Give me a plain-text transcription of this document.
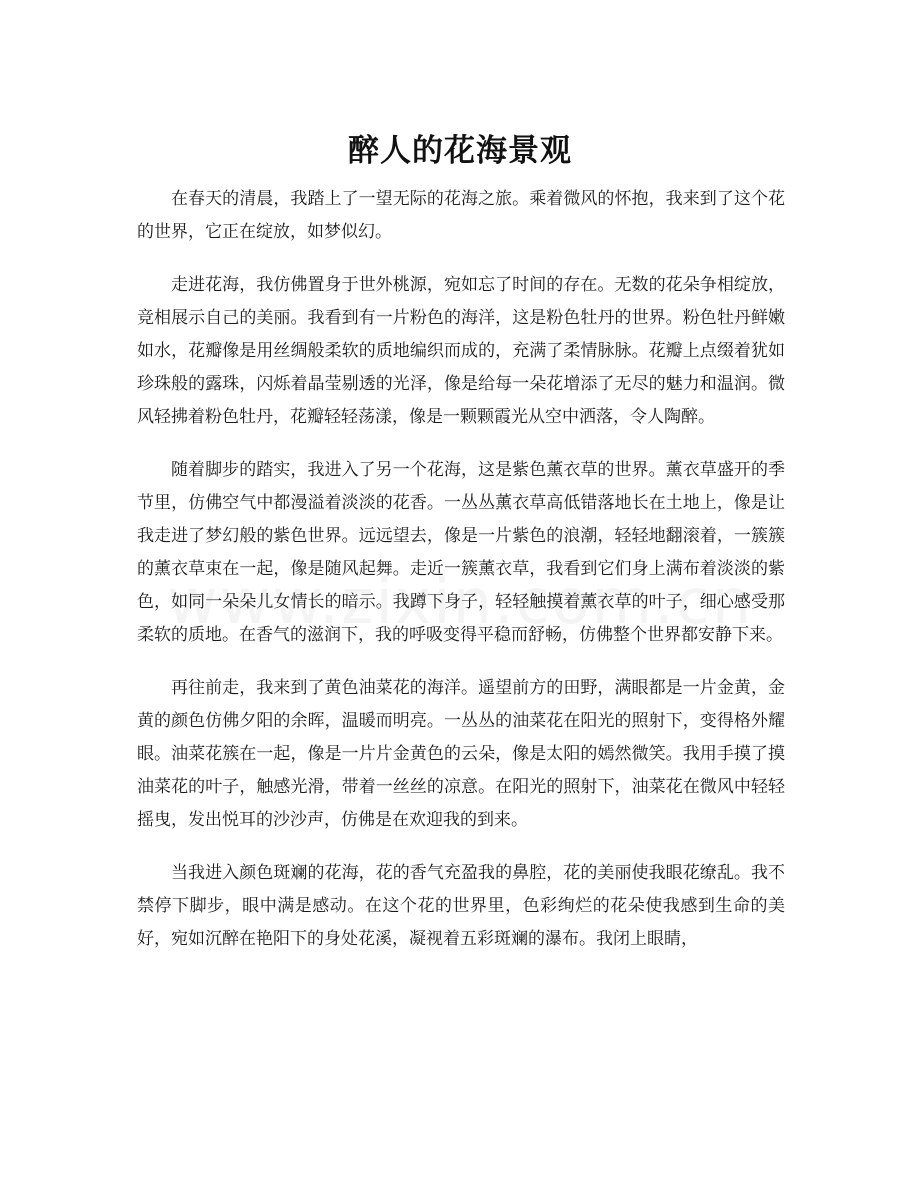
醉人的花海景观

在春天的清晨，我踏上了一望无际的花海之旅。乘着微风的怀抱，我来到了这个花的世界，它正在绽放，如梦似幻。

走进花海，我仿佛置身于世外桃源，宛如忘了时间的存在。无数的花朵争相绽放，竞相展示自己的美丽。我看到有一片粉色的海洋，这是粉色牡丹的世界。粉色牡丹鲜嫩如水，花瓣像是用丝绸般柔软的质地编织而成的，充满了柔情脉脉。花瓣上点缀着犹如珍珠般的露珠，闪烁着晶莹剔透的光泽，像是给每一朵花增添了无尽的魅力和温润。微风轻拂着粉色牡丹，花瓣轻轻荡漾，像是一颗颗霞光从空中洒落，令人陶醉。

随着脚步的踏实，我进入了另一个花海，这是紫色薰衣草的世界。薰衣草盛开的季节里，仿佛空气中都漫溢着淡淡的花香。一丛丛薰衣草高低错落地长在土地上，像是让我走进了梦幻般的紫色世界。远远望去，像是一片紫色的浪潮，轻轻地翻滚着，一簇簇的薰衣草束在一起，像是随风起舞。走近一簇薰衣草，我看到它们身上满布着淡淡的紫色，如同一朵朵儿女情长的暗示。我蹲下身子，轻轻触摸着薰衣草的叶子，细心感受那柔软的质地。在香气的滋润下，我的呼吸变得平稳而舒畅，仿佛整个世界都安静下来。

再往前走，我来到了黄色油菜花的海洋。遥望前方的田野，满眼都是一片金黄，金黄的颜色仿佛夕阳的余晖，温暖而明亮。一丛丛的油菜花在阳光的照射下，变得格外耀眼。油菜花簇在一起，像是一片片金黄色的云朵，像是太阳的嫣然微笑。我用手摸了摸油菜花的叶子，触感光滑，带着一丝丝的凉意。在阳光的照射下，油菜花在微风中轻轻摇曳，发出悦耳的沙沙声，仿佛是在欢迎我的到来。

当我进入颜色斑斓的花海，花的香气充盈我的鼻腔，花的美丽使我眼花缭乱。我不禁停下脚步，眼中满是感动。在这个花的世界里，色彩绚烂的花朵使我感到生命的美好，宛如沉醉在艳阳下的身处花溪，凝视着五彩斑斓的瀑布。我闭上眼睛，
